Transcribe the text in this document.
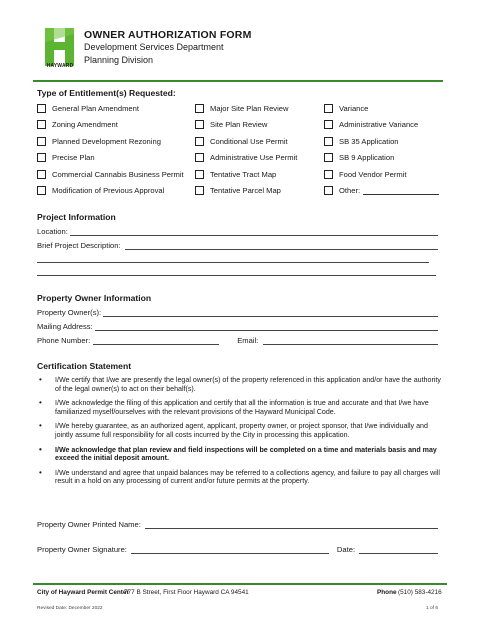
HAYWARD
OWNER AUTHORIZATION FORM
Development Services Department
Planning Division
Type of Entitlement(s) Requested:
General Plan Amendment
Zoning Amendment
Planned Development Rezoning
Precise Plan
Commercial Cannabis Business Permit
Modification of Previous Approval
Major Site Plan Review
Site Plan Review
Conditional Use Permit
Administrative Use Permit
Tentative Tract Map
Tentative Parcel Map
Variance
Administrative Variance
SB 35 Application
SB 9 Application
Food Vendor Permit
Other:
Project Information
Location:
Brief Project Description:
Property Owner Information
Property Owner(s):
Mailing Address:
Phone Number:	Email:
Certification Statement
• I/We certify that I/we are presently the legal owner(s) of the property referenced in this application and/or have the authority of the legal owner(s) to act on their behalf(s).
• I/We acknowledge the filing of this application and certify that all the information is true and accurate and that I/we have familiarized myself/ourselves with the relevant provisions of the Hayward Municipal Code.
• I/We hereby guarantee, as an authorized agent, applicant, property owner, or project sponsor, that I/we individually and jointly assume full responsibility for all costs incurred by the City in processing this application.
• I/We acknowledge that plan review and field inspections will be completed on a time and materials basis and may exceed the initial deposit amount.
• I/We understand and agree that unpaid balances may be referred to a collections agency, and failure to pay all charges will result in a hold on any processing of current and/or future permits at the property.
Property Owner Printed Name:
Property Owner Signature:	Date:
City of Hayward Permit Center
777 B Street, First Floor Hayward CA 94541	Phone (510) 583-4216
Revised Date: December 2022	1 of 6
